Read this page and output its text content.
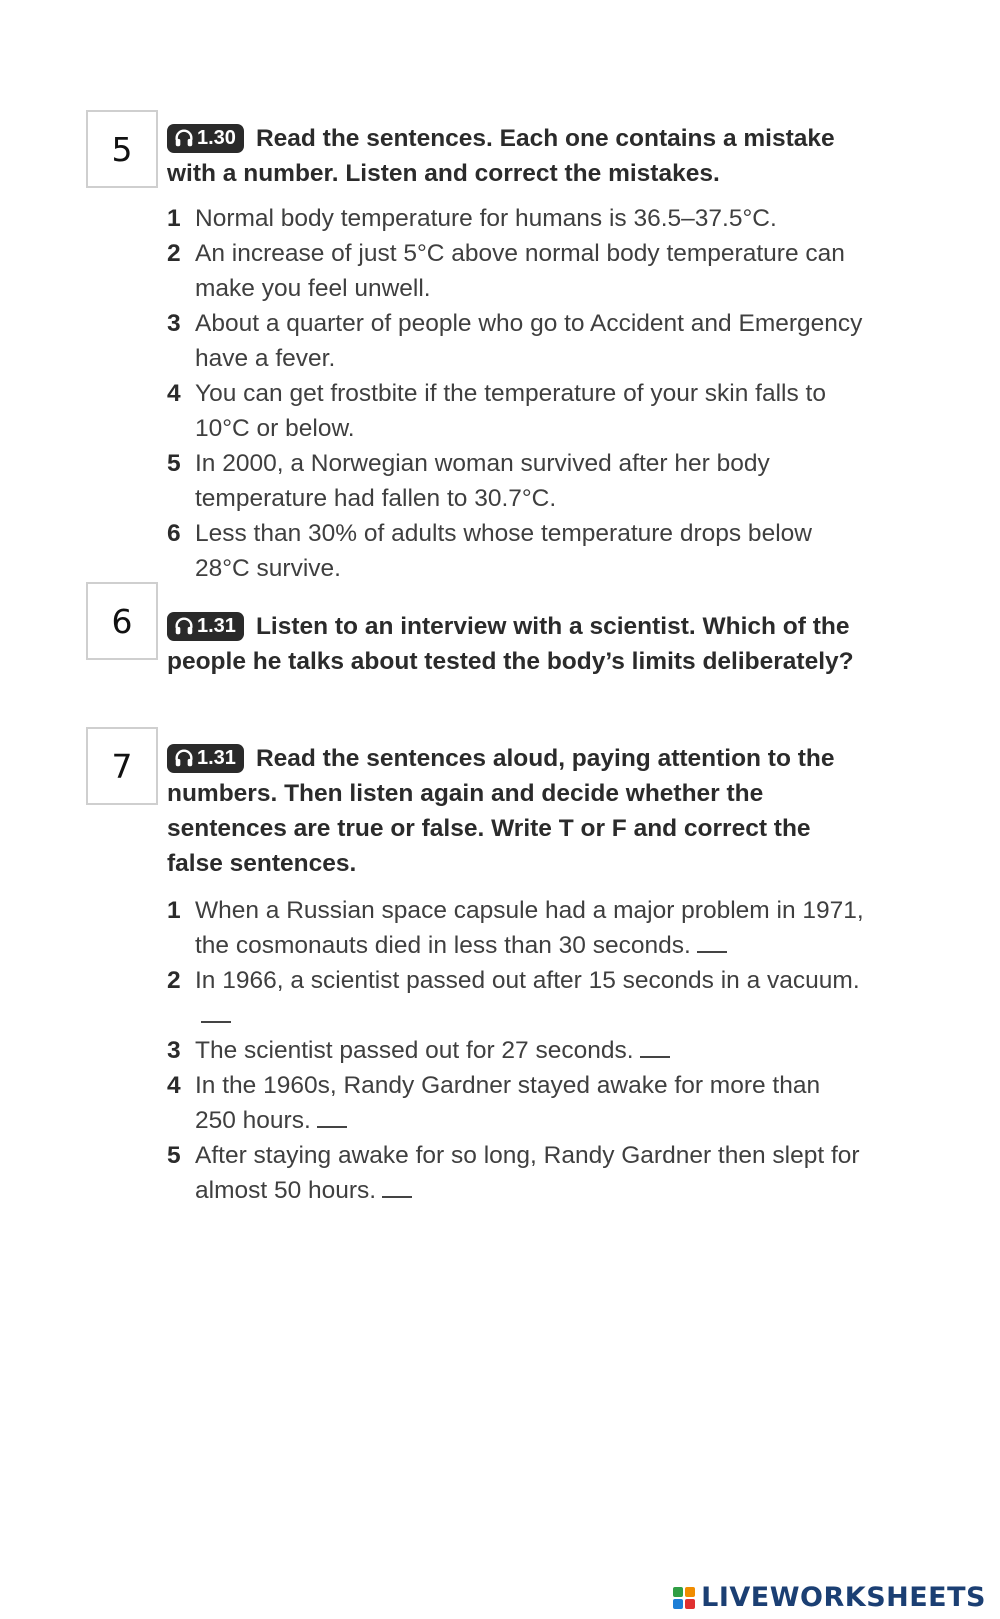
5	1.30 Read the sentences. Each one contains a mistake with a number. Listen and correct the mistakes.

1 Normal body temperature for humans is 36.5–37.5°C.
2 An increase of just 5°C above normal body temperature can make you feel unwell.
3 About a quarter of people who go to Accident and Emergency have a fever.
4 You can get frostbite if the temperature of your skin falls to 10°C or below.
5 In 2000, a Norwegian woman survived after her body temperature had fallen to 30.7°C.
6 Less than 30% of adults whose temperature drops below 28°C survive.
6	1.31 Listen to an interview with a scientist. Which of the people he talks about tested the body’s limits deliberately?

7	1.31 Read the sentences aloud, paying attention to the numbers. Then listen again and decide whether the sentences are true or false. Write T or F and correct the false sentences.

1 When a Russian space capsule had a major problem in 1971, the cosmonauts died in less than 30 seconds.
2 In 1966, a scientist passed out after 15 seconds in a vacuum.
3 The scientist passed out for 27 seconds.
4 In the 1960s, Randy Gardner stayed awake for more than 250 hours.
5 After staying awake for so long, Randy Gardner then slept for almost 50 hours.
LIVEWORKSHEETS
